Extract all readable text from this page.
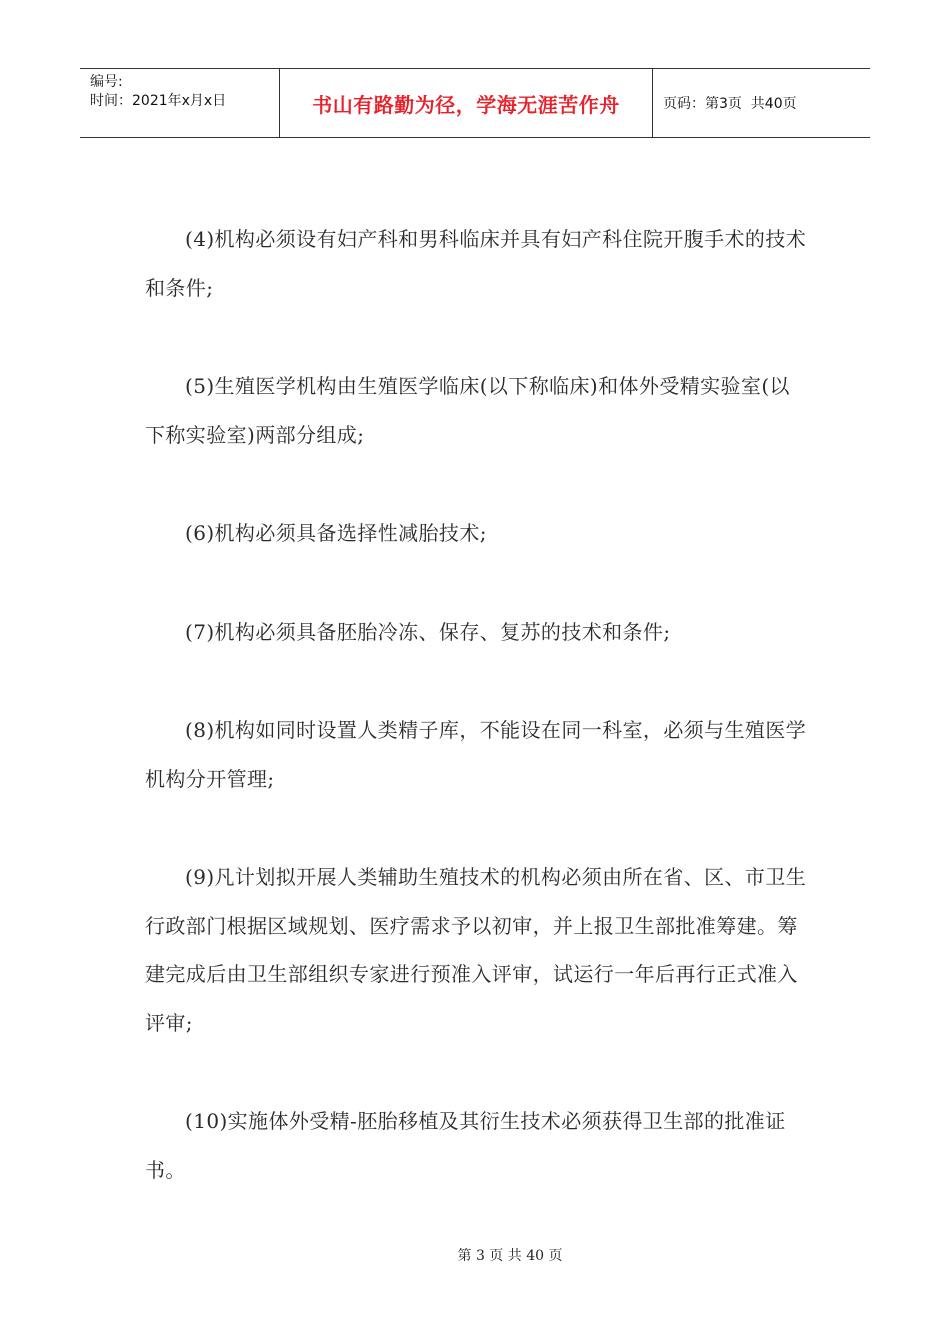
编号:
时间：2021年x月x日	书山有路勤为径，学海无涯苦作舟	页码：第3页  共40页

(4)机构必须设有妇产科和男科临床并具有妇产科住院开腹手术的技术和条件;

(5)生殖医学机构由生殖医学临床(以下称临床)和体外受精实验室(以下称实验室)两部分组成;

(6)机构必须具备选择性减胎技术;

(7)机构必须具备胚胎冷冻、保存、复苏的技术和条件;

(8)机构如同时设置人类精子库，不能设在同一科室，必须与生殖医学机构分开管理;

(9)凡计划拟开展人类辅助生殖技术的机构必须由所在省、区、市卫生行政部门根据区域规划、医疗需求予以初审，并上报卫生部批准筹建。筹建完成后由卫生部组织专家进行预准入评审，试运行一年后再行正式准入评审;

(10)实施体外受精-胚胎移植及其衍生技术必须获得卫生部的批准证书。

第 3 页 共 40 页
